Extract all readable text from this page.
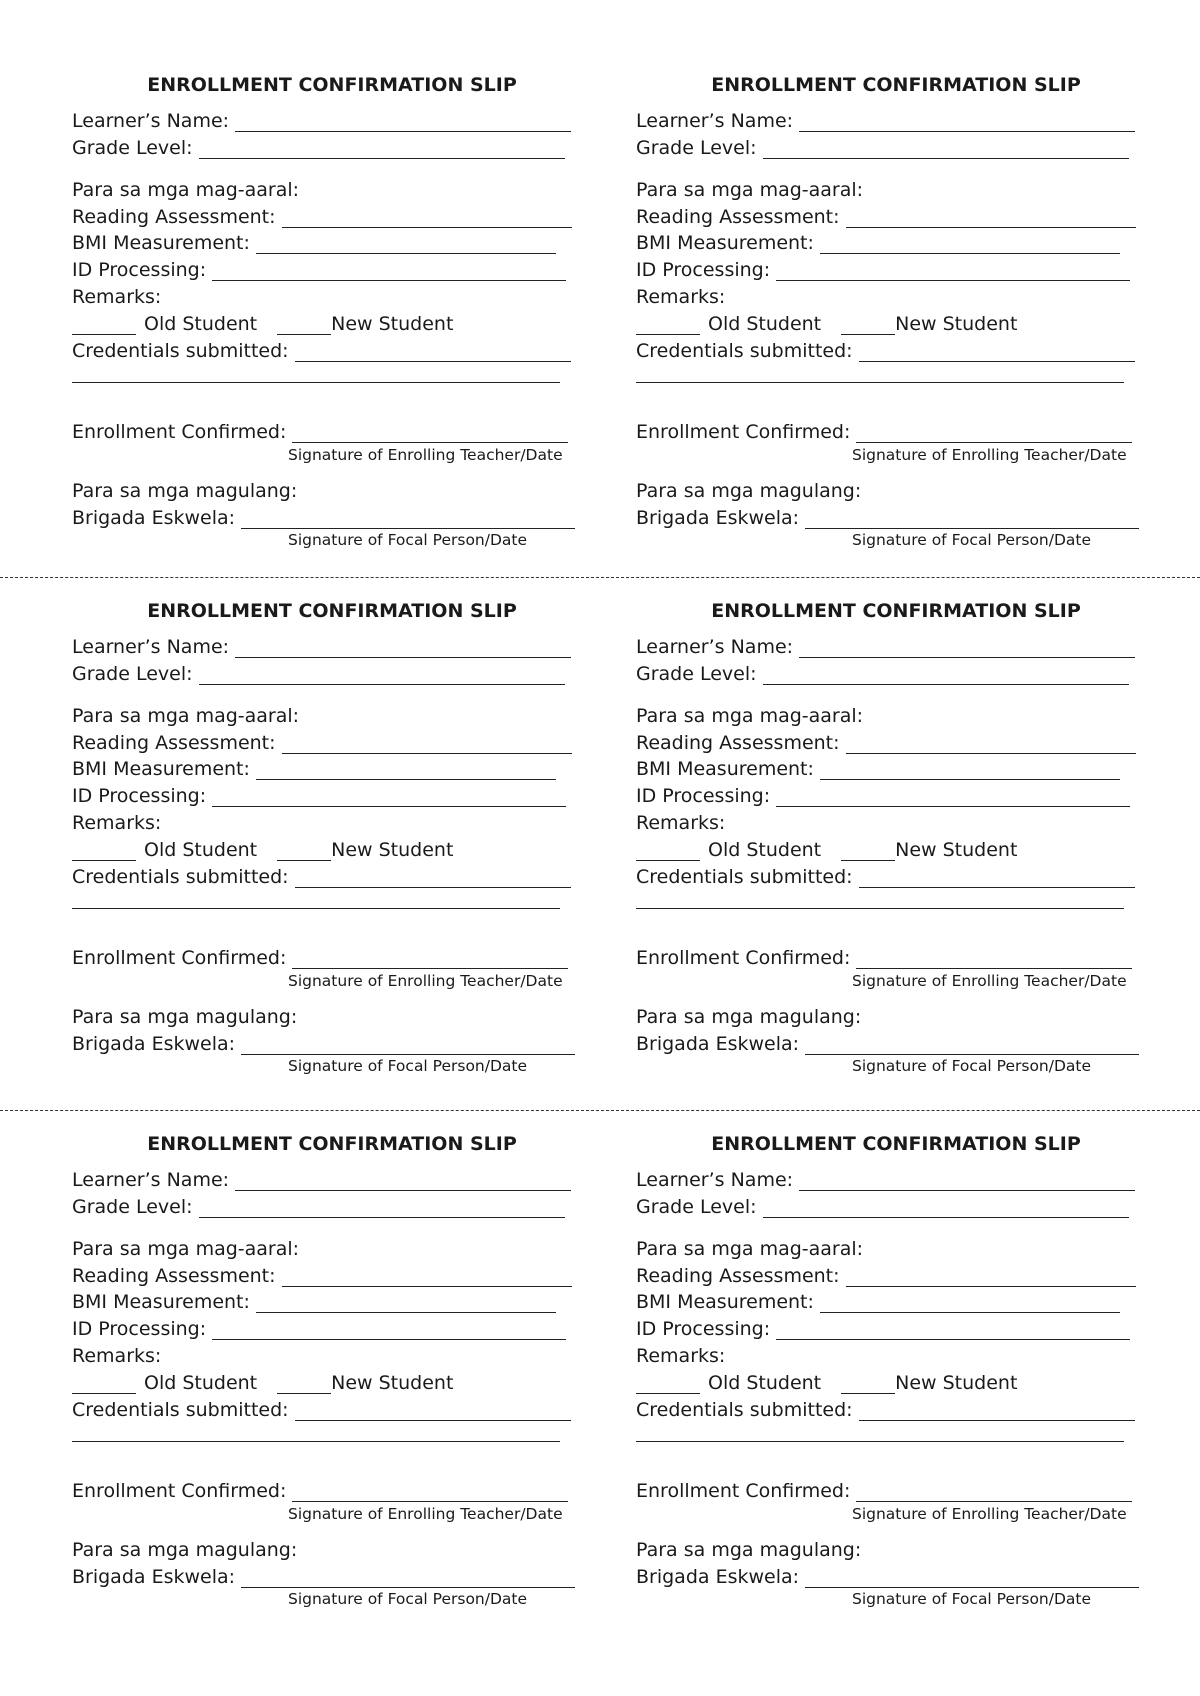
ENROLLMENT CONFIRMATION SLIP
Learner’s Name:
Grade Level:
Para sa mga mag-aaral:
Reading Assessment:
BMI Measurement:
ID Processing:
Remarks:
Old Student	New Student
Credentials submitted:
Enrollment Confirmed:
Signature of Enrolling Teacher/Date
Para sa mga magulang:
Brigada Eskwela:
Signature of Focal Person/Date
ENROLLMENT CONFIRMATION SLIP
Learner’s Name:
Grade Level:
Para sa mga mag-aaral:
Reading Assessment:
BMI Measurement:
ID Processing:
Remarks:
Old Student	New Student
Credentials submitted:
Enrollment Confirmed:
Signature of Enrolling Teacher/Date
Para sa mga magulang:
Brigada Eskwela:
Signature of Focal Person/Date
ENROLLMENT CONFIRMATION SLIP
Learner’s Name:
Grade Level:
Para sa mga mag-aaral:
Reading Assessment:
BMI Measurement:
ID Processing:
Remarks:
Old Student	New Student
Credentials submitted:
Enrollment Confirmed:
Signature of Enrolling Teacher/Date
Para sa mga magulang:
Brigada Eskwela:
Signature of Focal Person/Date
ENROLLMENT CONFIRMATION SLIP
Learner’s Name:
Grade Level:
Para sa mga mag-aaral:
Reading Assessment:
BMI Measurement:
ID Processing:
Remarks:
Old Student	New Student
Credentials submitted:
Enrollment Confirmed:
Signature of Enrolling Teacher/Date
Para sa mga magulang:
Brigada Eskwela:
Signature of Focal Person/Date
ENROLLMENT CONFIRMATION SLIP
Learner’s Name:
Grade Level:
Para sa mga mag-aaral:
Reading Assessment:
BMI Measurement:
ID Processing:
Remarks:
Old Student	New Student
Credentials submitted:
Enrollment Confirmed:
Signature of Enrolling Teacher/Date
Para sa mga magulang:
Brigada Eskwela:
Signature of Focal Person/Date
ENROLLMENT CONFIRMATION SLIP
Learner’s Name:
Grade Level:
Para sa mga mag-aaral:
Reading Assessment:
BMI Measurement:
ID Processing:
Remarks:
Old Student	New Student
Credentials submitted:
Enrollment Confirmed:
Signature of Enrolling Teacher/Date
Para sa mga magulang:
Brigada Eskwela:
Signature of Focal Person/Date
